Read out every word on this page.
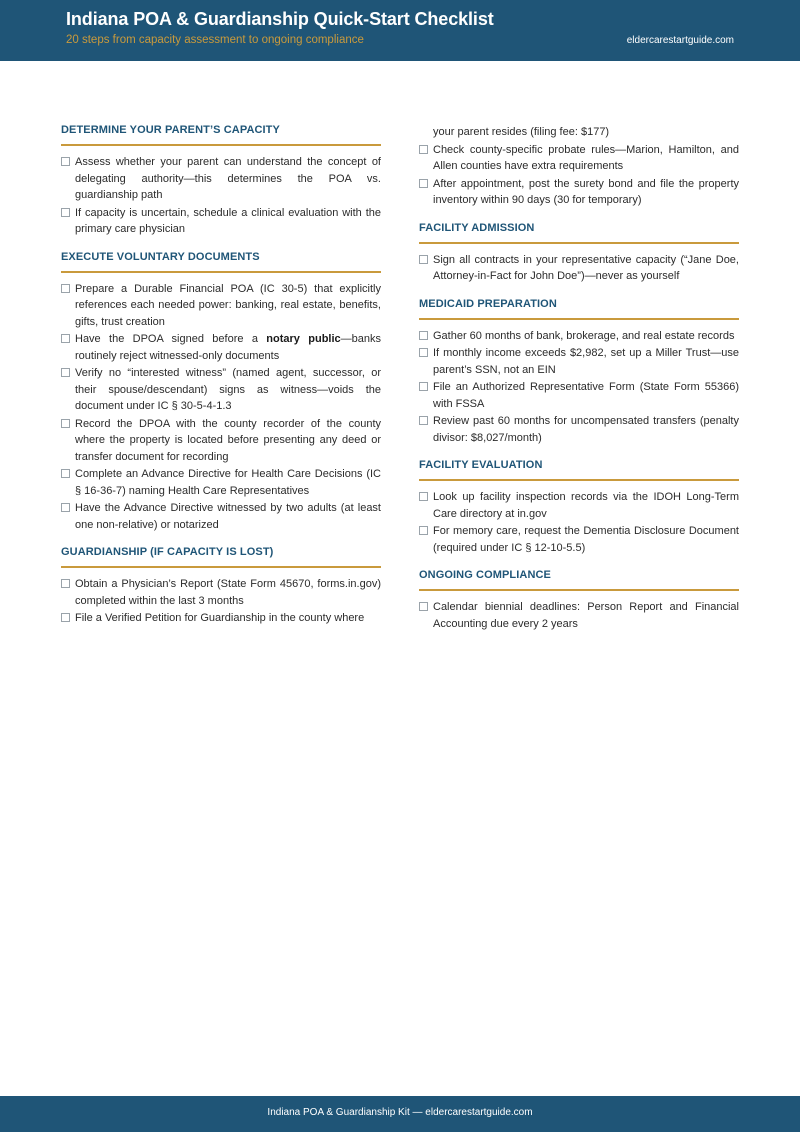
Indiana POA & Guardianship Quick-Start Checklist
20 steps from capacity assessment to ongoing compliance	eldercarestartguide.com
DETERMINE YOUR PARENT’S CAPACITY
Assess whether your parent can understand the concept of delegating authority—this determines the POA vs. guardianship path
If capacity is uncertain, schedule a clinical evaluation with the primary care physician
EXECUTE VOLUNTARY DOCUMENTS
Prepare a Durable Financial POA (IC 30-5) that explicitly references each needed power: banking, real estate, benefits, gifts, trust creation
Have the DPOA signed before a notary public—banks routinely reject witnessed-only documents
Verify no “interested witness” (named agent, successor, or their spouse/descendant) signs as witness—voids the document under IC § 30-5-4-1.3
Record the DPOA with the county recorder of the county where the property is located before presenting any deed or transfer document for recording
Complete an Advance Directive for Health Care Decisions (IC § 16-36-7) naming Health Care Representatives
Have the Advance Directive witnessed by two adults (at least one non-relative) or notarized
GUARDIANSHIP (IF CAPACITY IS LOST)
Obtain a Physician’s Report (State Form 45670, forms.in.gov) completed within the last 3 months
File a Verified Petition for Guardianship in the county where
your parent resides (filing fee: $177)
Check county-specific probate rules—Marion, Hamilton, and Allen counties have extra requirements
After appointment, post the surety bond and file the property inventory within 90 days (30 for temporary)
FACILITY ADMISSION
Sign all contracts in your representative capacity (“Jane Doe, Attorney-in-Fact for John Doe”)—never as yourself
MEDICAID PREPARATION
Gather 60 months of bank, brokerage, and real estate records
If monthly income exceeds $2,982, set up a Miller Trust—use parent’s SSN, not an EIN
File an Authorized Representative Form (State Form 55366) with FSSA
Review past 60 months for uncompensated transfers (penalty divisor: $8,027/month)
FACILITY EVALUATION
Look up facility inspection records via the IDOH Long-Term Care directory at in.gov
For memory care, request the Dementia Disclosure Document (required under IC § 12-10-5.5)
ONGOING COMPLIANCE
Calendar biennial deadlines: Person Report and Financial Accounting due every 2 years
Indiana POA & Guardianship Kit — eldercarestartguide.com
